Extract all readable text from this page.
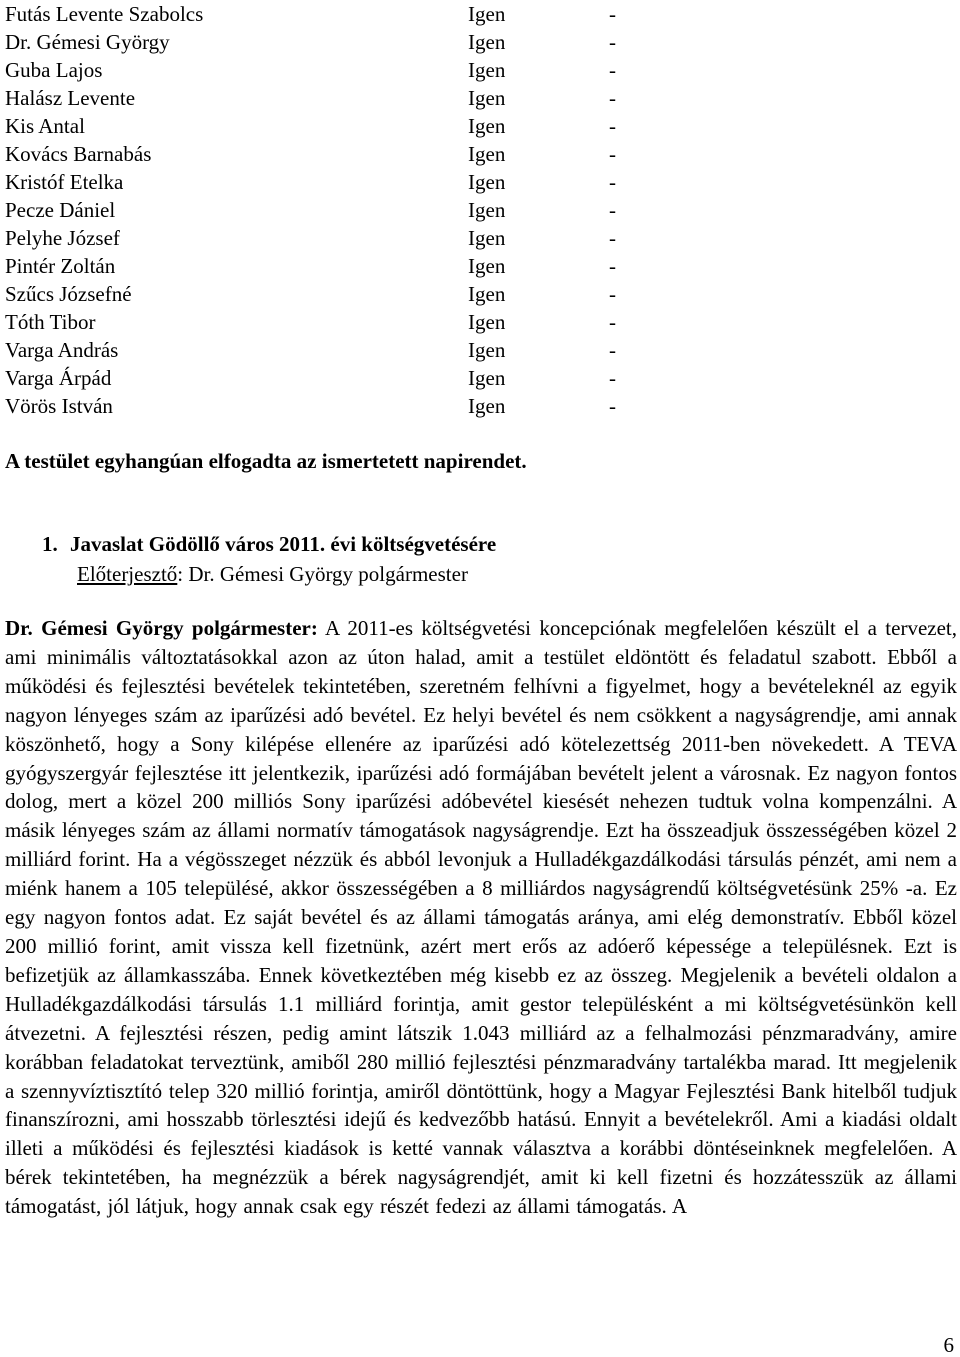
Futás Levente Szabolcs	Igen	-
Dr. Gémesi György	Igen	-
Guba Lajos	Igen	-
Halász Levente	Igen	-
Kis Antal	Igen	-
Kovács Barnabás	Igen	-
Kristóf Etelka	Igen	-
Pecze Dániel	Igen	-
Pelyhe József	Igen	-
Pintér Zoltán	Igen	-
Szűcs Józsefné	Igen	-
Tóth Tibor	Igen	-
Varga András	Igen	-
Varga Árpád	Igen	-
Vörös István	Igen	-
A testület egyhangúan elfogadta az ismertetett napirendet.
1. Javaslat Gödöllő város 2011. évi költségvetésére
Előterjesztő: Dr. Gémesi György polgármester
Dr. Gémesi György polgármester: A 2011-es költségvetési koncepciónak megfelelően készült el a tervezet, ami minimális változtatásokkal azon az úton halad, amit a testület eldöntött és feladatul szabott. Ebből a működési és fejlesztési bevételek tekintetében, szeretném felhívni a figyelmet, hogy a bevételeknél az egyik nagyon lényeges szám az iparűzési adó bevétel. Ez helyi bevétel és nem csökkent a nagyságrendje, ami annak köszönhető, hogy a Sony kilépése ellenére az iparűzési adó kötelezettség 2011-ben növekedett. A TEVA gyógyszergyár fejlesztése itt jelentkezik, iparűzési adó formájában bevételt jelent a városnak. Ez nagyon fontos dolog, mert a közel 200 milliós Sony iparűzési adóbevétel kiesését nehezen tudtuk volna kompenzálni. A másik lényeges szám az állami normatív támogatások nagyságrendje. Ezt ha összeadjuk összességében közel 2 milliárd forint. Ha a végösszeget nézzük és abból levonjuk a Hulladékgazdálkodási társulás pénzét, ami nem a miénk hanem a 105 településé, akkor összességében a 8 milliárdos nagyságrendű költségvetésünk 25% -a. Ez egy nagyon fontos adat. Ez saját bevétel és az állami támogatás aránya, ami elég demonstratív. Ebből közel 200 millió forint, amit vissza kell fizetnünk, azért mert erős az adóerő képessége a településnek. Ezt is befizetjük az államkasszába. Ennek következtében még kisebb ez az összeg. Megjelenik a bevételi oldalon a Hulladékgazdálkodási társulás 1.1 milliárd forintja, amit gestor településként a mi költségvetésünkön kell átvezetni. A fejlesztési részen, pedig amint látszik 1.043 milliárd az a felhalmozási pénzmaradvány, amire korábban feladatokat terveztünk, amiből 280 millió fejlesztési pénzmaradvány tartalékba marad. Itt megjelenik a szennyvíztisztító telep 320 millió forintja, amiről döntöttünk, hogy a Magyar Fejlesztési Bank hitelből tudjuk finanszírozni, ami hosszabb törlesztési idejű és kedvezőbb hatású. Ennyit a bevételekről. Ami a kiadási oldalt illeti a működési és fejlesztési kiadások is ketté vannak választva a korábbi döntéseinknek megfelelően. A bérek tekintetében, ha megnézzük a bérek nagyságrendjét, amit ki kell fizetni és hozzátesszük az állami támogatást, jól látjuk, hogy annak csak egy részét fedezi az állami támogatás. A
6
